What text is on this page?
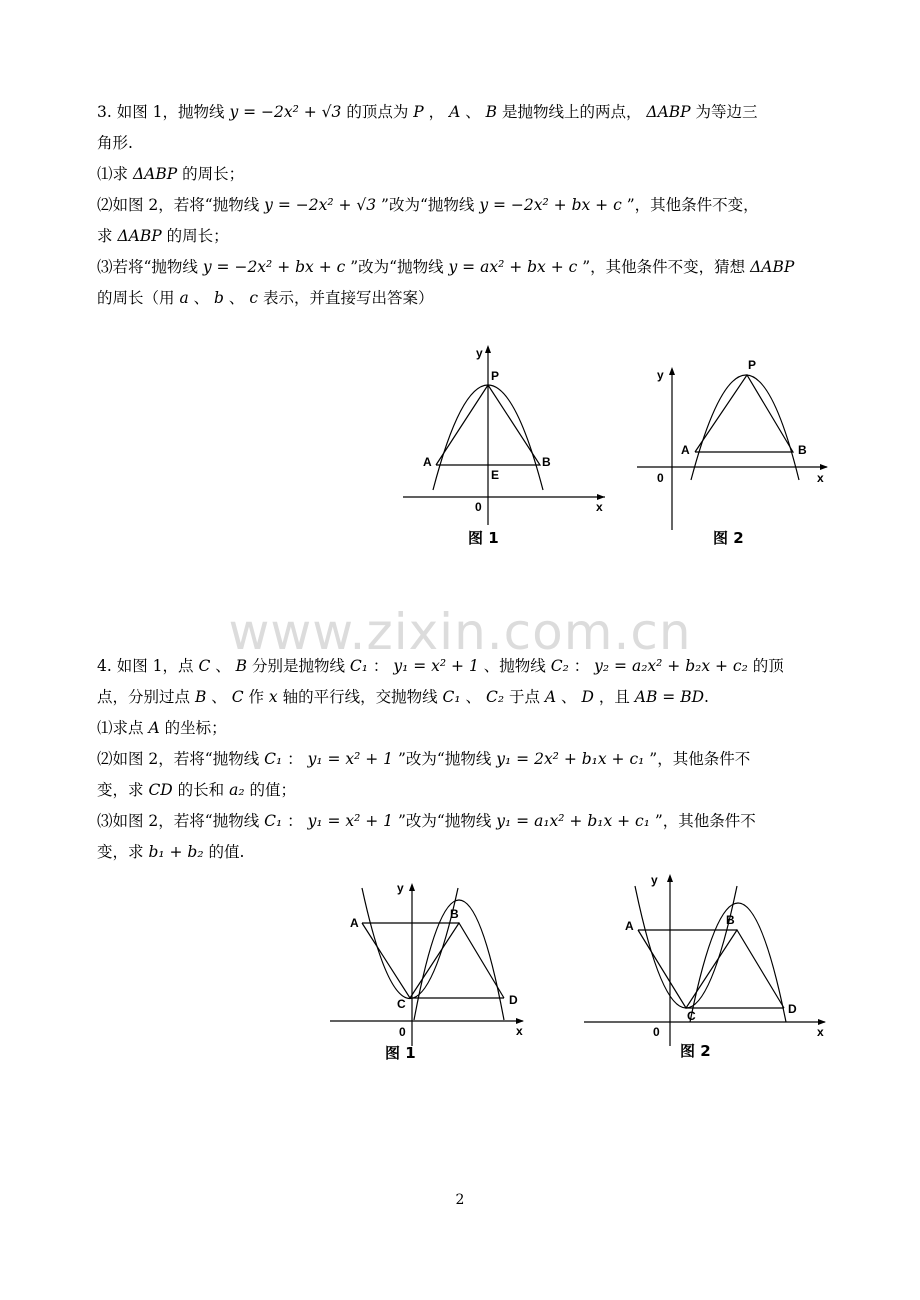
3. 如图 1，抛物线 y = −2x² + √3 的顶点为 P ， A 、 B 是抛物线上的两点， ΔABP 为等边三
角形.
⑴求 ΔABP 的周长；
⑵如图 2，若将“抛物线 y = −2x² + √3 ”改为“抛物线 y = −2x² + bx + c ”，其他条件不变，
求 ΔABP 的周长；
⑶若将“抛物线 y = −2x² + bx + c ”改为“抛物线 y = ax² + bx + c ”，其他条件不变，猜想 ΔABP
的周长（用 a 、 b 、 c 表示，并直接写出答案）
y
P
A	B
E
0	x
图 1
y
P
A	B
0	x
图 2
www.zixin.com.cn
4. 如图 1，点 C 、 B 分别是抛物线 C₁ ： y₁ = x² + 1 、抛物线 C₂ ： y₂ = a₂x² + b₂x + c₂ 的顶
点，分别过点 B 、 C 作 x 轴的平行线，交抛物线 C₁ 、 C₂ 于点 A 、 D ，且 AB = BD.
⑴求点 A 的坐标；
⑵如图 2，若将“抛物线 C₁ ： y₁ = x² + 1 ”改为“抛物线 y₁ = 2x² + b₁x + c₁ ”，其他条件不
变，求 CD 的长和 a₂ 的值；
⑶如图 2，若将“抛物线 C₁ ： y₁ = x² + 1 ”改为“抛物线 y₁ = a₁x² + b₁x + c₁ ”，其他条件不
变，求 b₁ + b₂ 的值.
y
A
B
C	D
0	x
图 1
y
A	B
C	D
0	x
图 2
2
